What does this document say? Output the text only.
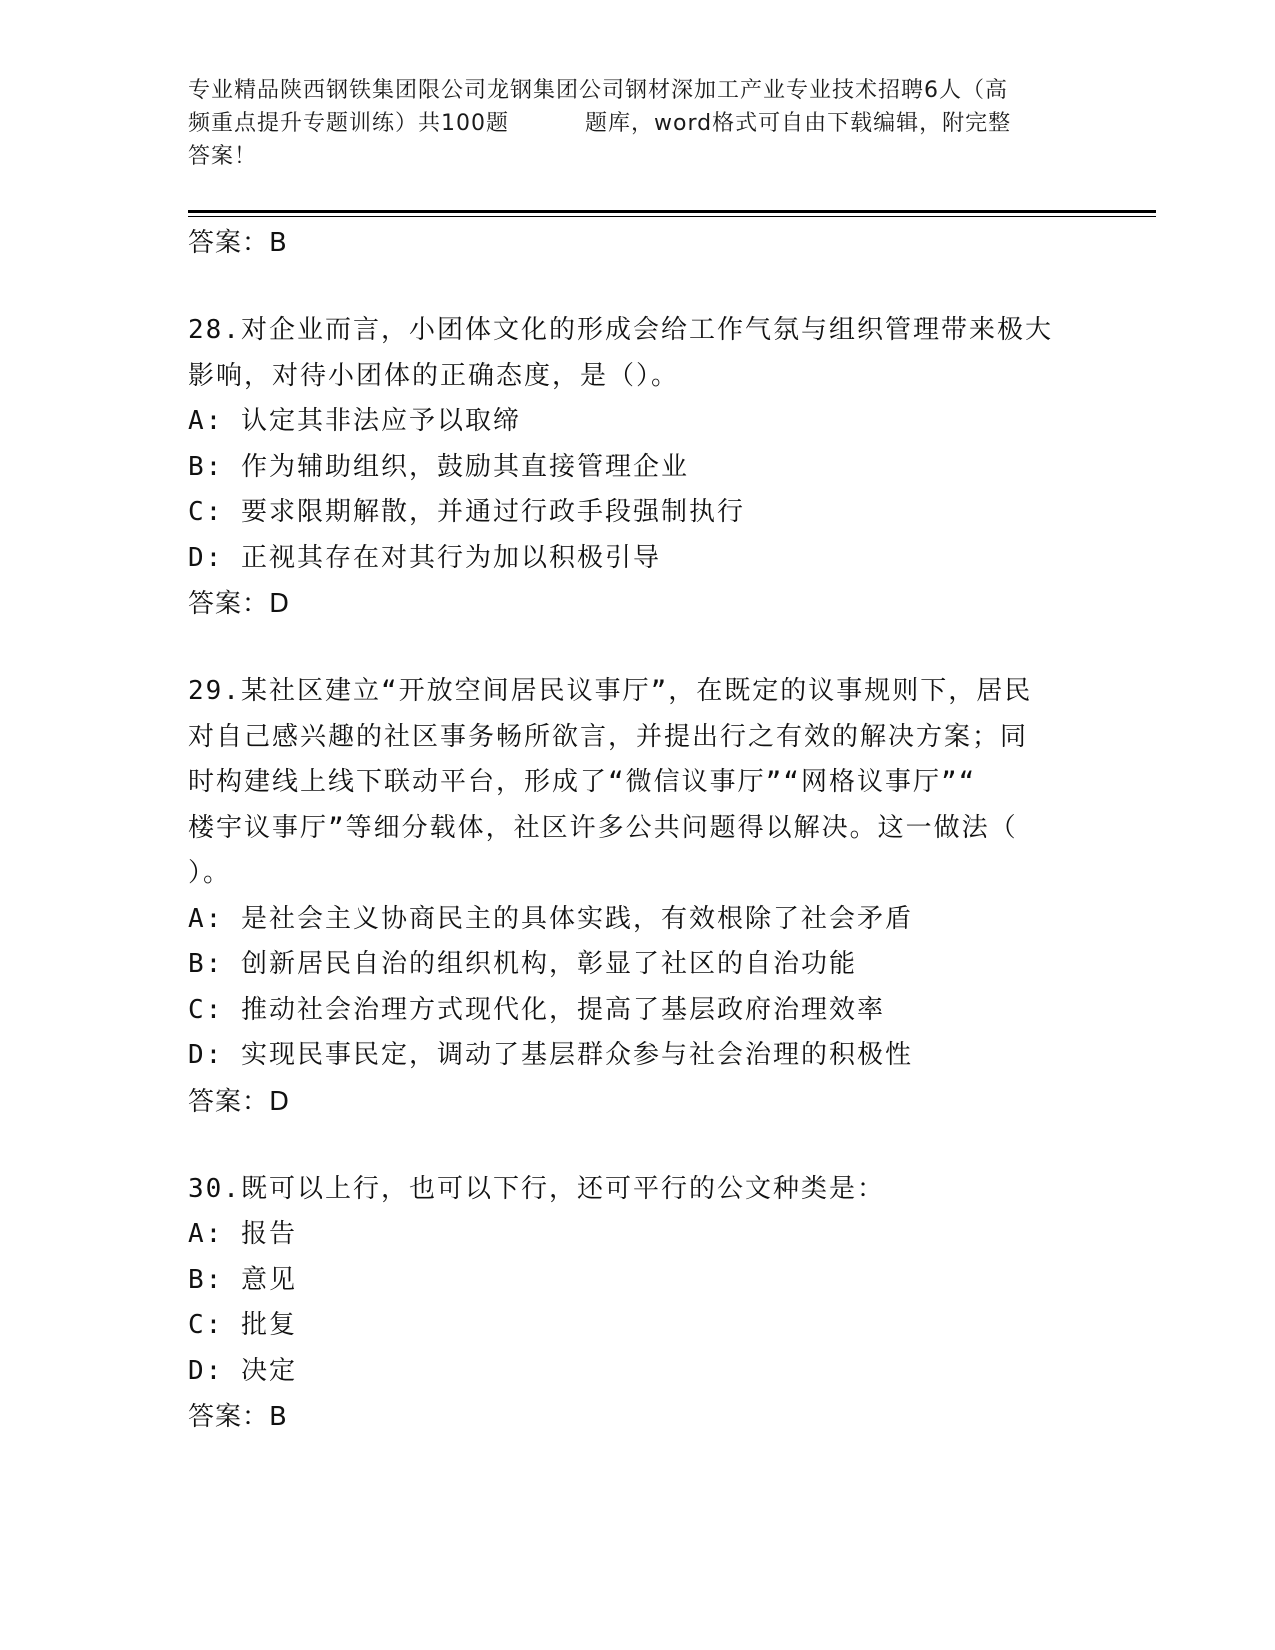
专业精品陕西钢铁集团限公司龙钢集团公司钢材深加工产业专业技术招聘6人（高
频重点提升专题训练）共100题	题库，word格式可自由下载编辑，附完整
答案！
答案：B
28.对企业而言，小团体文化的形成会给工作气氛与组织管理带来极大
影响，对待小团体的正确态度，是（）。
A: 认定其非法应予以取缔
B: 作为辅助组织，鼓励其直接管理企业
C: 要求限期解散，并通过行政手段强制执行
D: 正视其存在对其行为加以积极引导
答案：D
29.某社区建立“开放空间居民议事厅”，在既定的议事规则下，居民
对自己感兴趣的社区事务畅所欲言，并提出行之有效的解决方案；同
时构建线上线下联动平台，形成了“微信议事厅”“网格议事厅”“
楼宇议事厅”等细分载体，社区许多公共问题得以解决。这一做法（
）。
A: 是社会主义协商民主的具体实践，有效根除了社会矛盾
B: 创新居民自治的组织机构，彰显了社区的自治功能
C: 推动社会治理方式现代化，提高了基层政府治理效率
D: 实现民事民定，调动了基层群众参与社会治理的积极性
答案：D
30.既可以上行，也可以下行，还可平行的公文种类是：
A: 报告
B: 意见
C: 批复
D: 决定
答案：B
